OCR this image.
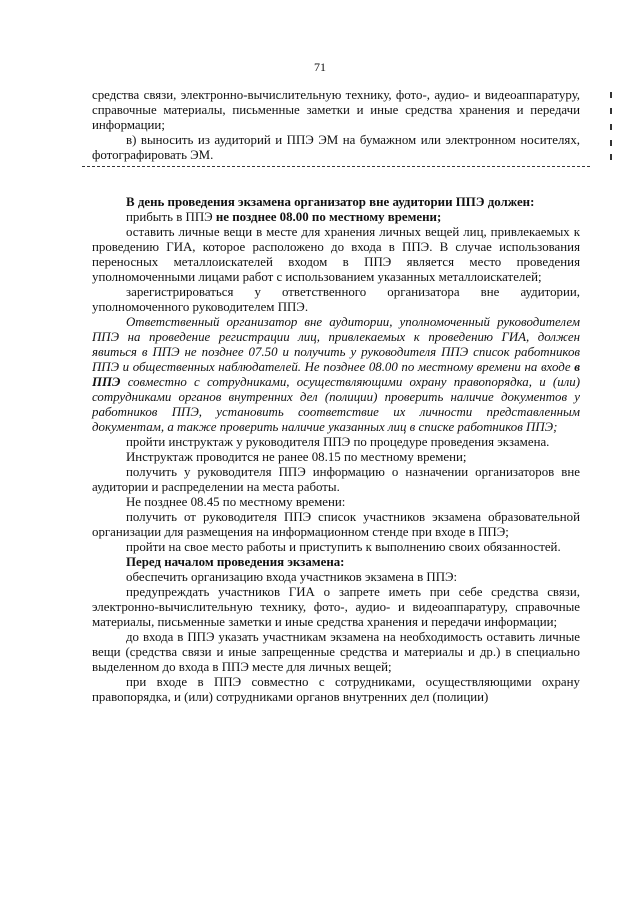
71

средства связи, электронно-вычислительную технику, фото-, аудио- и видеоаппаратуру, справочные материалы, письменные заметки и иные средства хранения и передачи информации;

в) выносить из аудиторий и ППЭ ЭМ на бумажном или электронном носителях, фотографировать ЭМ.

В день проведения экзамена организатор вне аудитории ППЭ должен:

прибыть в ППЭ не позднее 08.00 по местному времени;

оставить личные вещи в месте для хранения личных вещей лиц, привлекаемых к проведению ГИА, которое расположено до входа в ППЭ. В случае использования переносных металлоискателей входом в ППЭ является место проведения уполномоченными лицами работ с использованием указанных металлоискателей;

зарегистрироваться у ответственного организатора вне аудитории, уполномоченного руководителем ППЭ.

Ответственный организатор вне аудитории, уполномоченный руководителем ППЭ на проведение регистрации лиц, привлекаемых к проведению ГИА, должен явиться в ППЭ не позднее 07.50 и получить у руководителя ППЭ список работников ППЭ и общественных наблюдателей. Не позднее 08.00 по местному времени на входе в ППЭ совместно с сотрудниками, осуществляющими охрану правопорядка, и (или) сотрудниками органов внутренних дел (полиции) проверить наличие документов у работников ППЭ, установить соответствие их личности представленным документам, а также проверить наличие указанных лиц в списке работников ППЭ;

пройти инструктаж у руководителя ППЭ по процедуре проведения экзамена.

Инструктаж проводится не ранее 08.15 по местному времени;

получить у руководителя ППЭ информацию о назначении организаторов вне аудитории и распределении на места работы.

Не позднее 08.45 по местному времени:

получить от руководителя ППЭ список участников экзамена образовательной организации для размещения на информационном стенде при входе в ППЭ;

пройти на свое место работы и приступить к выполнению своих обязанностей.

Перед началом проведения экзамена:

обеспечить организацию входа участников экзамена в ППЭ:

предупреждать участников ГИА о запрете иметь при себе средства связи, электронно-вычислительную технику, фото-, аудио- и видеоаппаратуру, справочные материалы, письменные заметки и иные средства хранения и передачи информации;

до входа в ППЭ указать участникам экзамена на необходимость оставить личные вещи (средства связи и иные запрещенные средства и материалы и др.) в специально выделенном до входа в ППЭ месте для личных вещей;

при входе в ППЭ совместно с сотрудниками, осуществляющими охрану правопорядка, и (или) сотрудниками органов внутренних дел (полиции)
